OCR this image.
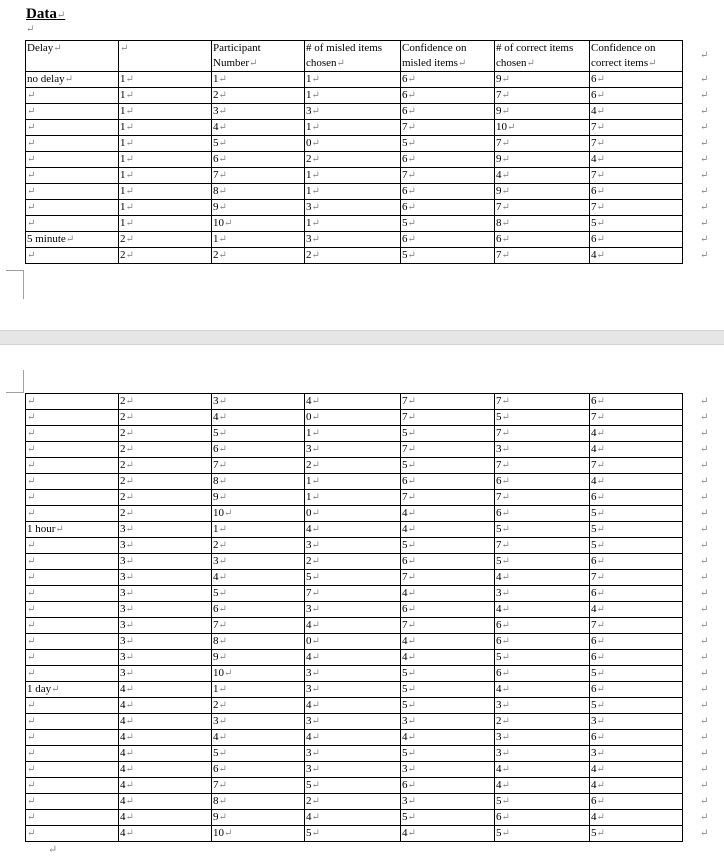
Data↵
↵
Delay↵	↵	Participant Number↵	# of misled items chosen↵	Confidence on misled items↵	# of correct items chosen↵	Confidence on correct items↵
no delay↵	1↵	1↵	1↵	6↵	9↵	6↵
↵	1↵	2↵	1↵	6↵	7↵	6↵
↵	1↵	3↵	3↵	6↵	9↵	4↵
↵	1↵	4↵	1↵	7↵	10↵	7↵
↵	1↵	5↵	0↵	5↵	7↵	7↵
↵	1↵	6↵	2↵	6↵	9↵	4↵
↵	1↵	7↵	1↵	7↵	4↵	7↵
↵	1↵	8↵	1↵	6↵	9↵	6↵
↵	1↵	9↵	3↵	6↵	7↵	7↵
↵	1↵	10↵	1↵	5↵	8↵	5↵
5 minute↵	2↵	1↵	3↵	6↵	6↵	6↵
↵	2↵	2↵	2↵	5↵	7↵	4↵
↵
↵
↵
↵
↵
↵
↵
↵
↵
↵
↵
↵
↵
↵	2↵	3↵	4↵	7↵	7↵	6↵
↵	2↵	4↵	0↵	7↵	5↵	7↵
↵	2↵	5↵	1↵	5↵	7↵	4↵
↵	2↵	6↵	3↵	7↵	3↵	4↵
↵	2↵	7↵	2↵	5↵	7↵	7↵
↵	2↵	8↵	1↵	6↵	6↵	4↵
↵	2↵	9↵	1↵	7↵	7↵	6↵
↵	2↵	10↵	0↵	4↵	6↵	5↵
1 hour↵	3↵	1↵	4↵	4↵	5↵	5↵
↵	3↵	2↵	3↵	5↵	7↵	5↵
↵	3↵	3↵	2↵	6↵	5↵	6↵
↵	3↵	4↵	5↵	7↵	4↵	7↵
↵	3↵	5↵	7↵	4↵	3↵	6↵
↵	3↵	6↵	3↵	6↵	4↵	4↵
↵	3↵	7↵	4↵	7↵	6↵	7↵
↵	3↵	8↵	0↵	4↵	6↵	6↵
↵	3↵	9↵	4↵	4↵	5↵	6↵
↵	3↵	10↵	3↵	5↵	6↵	5↵
1 day↵	4↵	1↵	3↵	5↵	4↵	6↵
↵	4↵	2↵	4↵	5↵	3↵	5↵
↵	4↵	3↵	3↵	3↵	2↵	3↵
↵	4↵	4↵	4↵	4↵	3↵	6↵
↵	4↵	5↵	3↵	5↵	3↵	3↵
↵	4↵	6↵	3↵	3↵	4↵	4↵
↵	4↵	7↵	5↵	6↵	4↵	4↵
↵	4↵	8↵	2↵	3↵	5↵	6↵
↵	4↵	9↵	4↵	5↵	6↵	4↵
↵	4↵	10↵	5↵	4↵	5↵	5↵
↵
↵
↵
↵
↵
↵
↵
↵
↵
↵
↵
↵
↵
↵
↵
↵
↵
↵
↵
↵
↵
↵
↵
↵
↵
↵
↵
↵
↵
